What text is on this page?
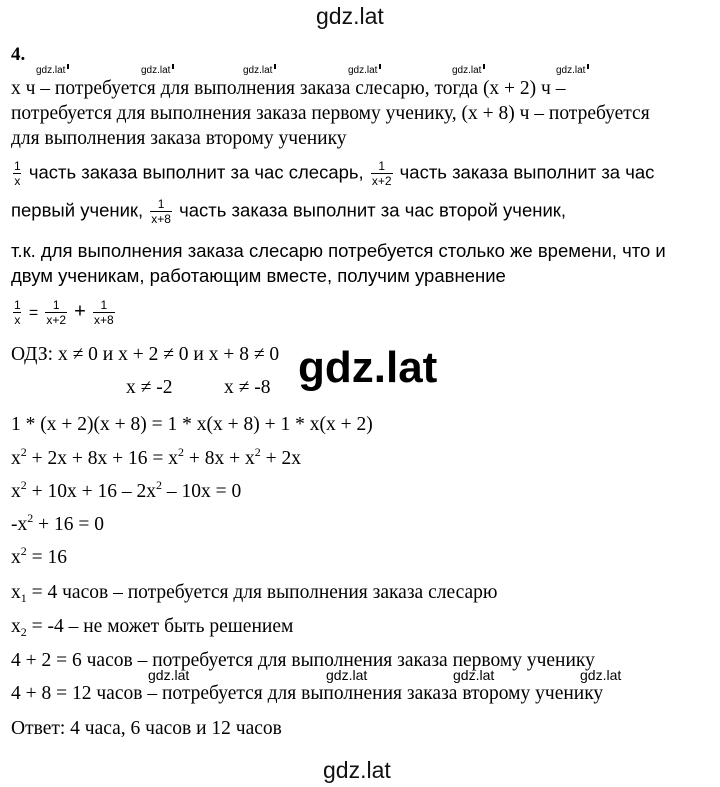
gdz.lat
4.
gdz.lat	gdz.lat	gdz.lat	gdz.lat	gdz.lat	gdz.lat
x ч – потребуется для выполнения заказа слесарю, тогда (x + 2) ч –
потребуется для выполнения заказа первому ученику, (x + 8) ч – потребуется
для выполнения заказа второму ученику
$\frac{1}{x}$ часть заказа выполнит за час слесарь, $\frac{1}{x+2}$ часть заказа выполнит за час
первый ученик, $\frac{1}{x+8}$ часть заказа выполнит за час второй ученик,
т.к. для выполнения заказа слесарю потребуется столько же времени, что и
двум ученикам, работающим вместе, получим уравнение
$\frac{1}{x} = \frac{1}{x+2} + \frac{1}{x+8}$
ОДЗ: x ≠ 0 и x + 2 ≠ 0 и x + 8 ≠ 0
x ≠ -2	x ≠ -8 gdz.lat
1 * (x + 2)(x + 8) = 1 * x(x + 8) + 1 * x(x + 2)
$x^2 + 2x + 8x + 16 = x^2 + 8x + x^2 + 2x$
$x^2 + 10x + 16 - 2x^2 - 10x = 0$
$-x^2 + 16 = 0$
$x^2 = 16$
$x_1 = 4$ часов – потребуется для выполнения заказа слесарю
$x_2 = -4$ – не может быть решением
4 + 2 = 6 часов – потребуется для выполнения заказа первому ученику
4 + 8 = 12 часов – потребуется для выполнения заказа второму ученику
gdz.lat	gdz.lat	gdz.lat	gdz.lat
Ответ: 4 часа, 6 часов и 12 часов
gdz.lat
